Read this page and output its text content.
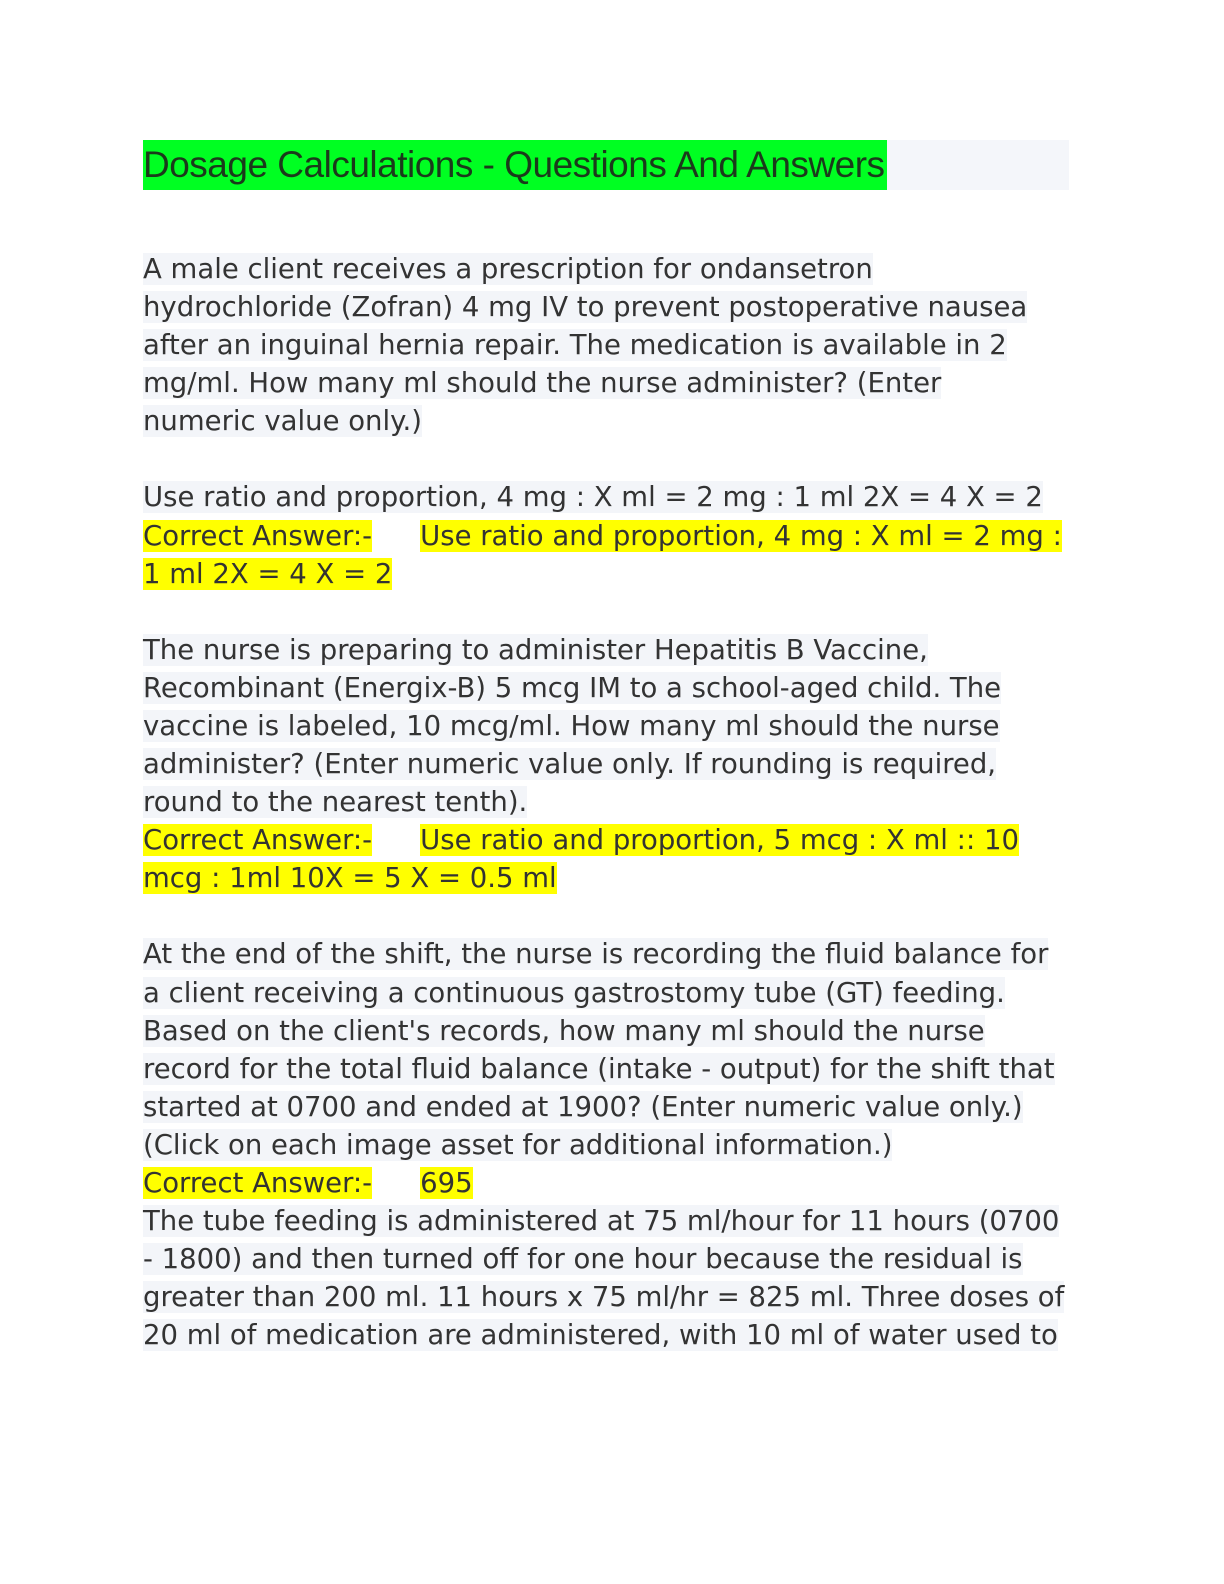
Dosage Calculations - Questions And Answers

A male client receives a prescription for ondansetron hydrochloride (Zofran) 4 mg IV to prevent postoperative nausea after an inguinal hernia repair. The medication is available in 2 mg/ml. How many ml should the nurse administer? (Enter numeric value only.)

Use ratio and proportion, 4 mg : X ml = 2 mg : 1 ml 2X = 4 X = 2

Correct Answer:- Use ratio and proportion, 4 mg : X ml = 2 mg : 1 ml 2X = 4 X = 2

The nurse is preparing to administer Hepatitis B Vaccine, Recombinant (Energix-B) 5 mcg IM to a school-aged child. The vaccine is labeled, 10 mcg/ml. How many ml should the nurse administer? (Enter numeric value only. If rounding is required, round to the nearest tenth).

Correct Answer:- Use ratio and proportion, 5 mcg : X ml :: 10 mcg : 1ml 10X = 5 X = 0.5 ml

At the end of the shift, the nurse is recording the fluid balance for a client receiving a continuous gastrostomy tube (GT) feeding. Based on the client's records, how many ml should the nurse record for the total fluid balance (intake - output) for the shift that started at 0700 and ended at 1900? (Enter numeric value only.) (Click on each image asset for additional information.)

Correct Answer:- 695

The tube feeding is administered at 75 ml/hour for 11 hours (0700 - 1800) and then turned off for one hour because the residual is greater than 200 ml. 11 hours x 75 ml/hr = 825 ml. Three doses of 20 ml of medication are administered, with 10 ml of water used to
